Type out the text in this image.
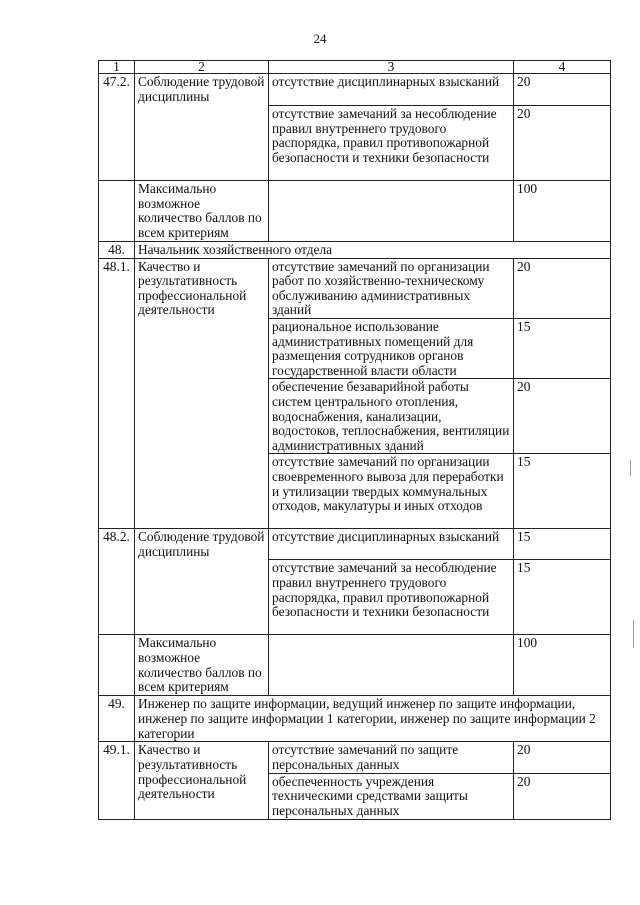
24
1	2	3	4
47.2.	Соблюдение трудовой дисциплины	отсутствие дисциплинарных взысканий	20
		отсутствие замечаний за несоблюдение правил внутреннего трудового распорядка, правил противопожарной безопасности и техники безопасности	20
	Максимально возможное количество баллов по всем критериям		100
48.	Начальник хозяйственного отдела		
48.1.	Качество и результативность профессиональной деятельности	отсутствие замечаний по организации работ по хозяйственно-техническому обслуживанию административных зданий	20
		рациональное использование административных помещений для размещения сотрудников органов государственной власти области	15
		обеспечение безаварийной работы систем центрального отопления, водоснабжения, канализации, водостоков, теплоснабжения, вентиляции административных зданий	20
		отсутствие замечаний по организации своевременного вывоза для переработки и утилизации твердых коммунальных отходов, макулатуры и иных отходов	15
48.2.	Соблюдение трудовой дисциплины	отсутствие дисциплинарных взысканий	15
		отсутствие замечаний за несоблюдение правил внутреннего трудового распорядка, правил противопожарной безопасности и техники безопасности	15
	Максимально возможное количество баллов по всем критериям		100
49.	Инженер по защите информации, ведущий инженер по защите информации, инженер по защите информации 1 категории, инженер по защите информации 2 категории		
49.1.	Качество и результативность профессиональной деятельности	отсутствие замечаний по защите персональных данных	20
		обеспеченность учреждения техническими средствами защиты персональных данных	20
